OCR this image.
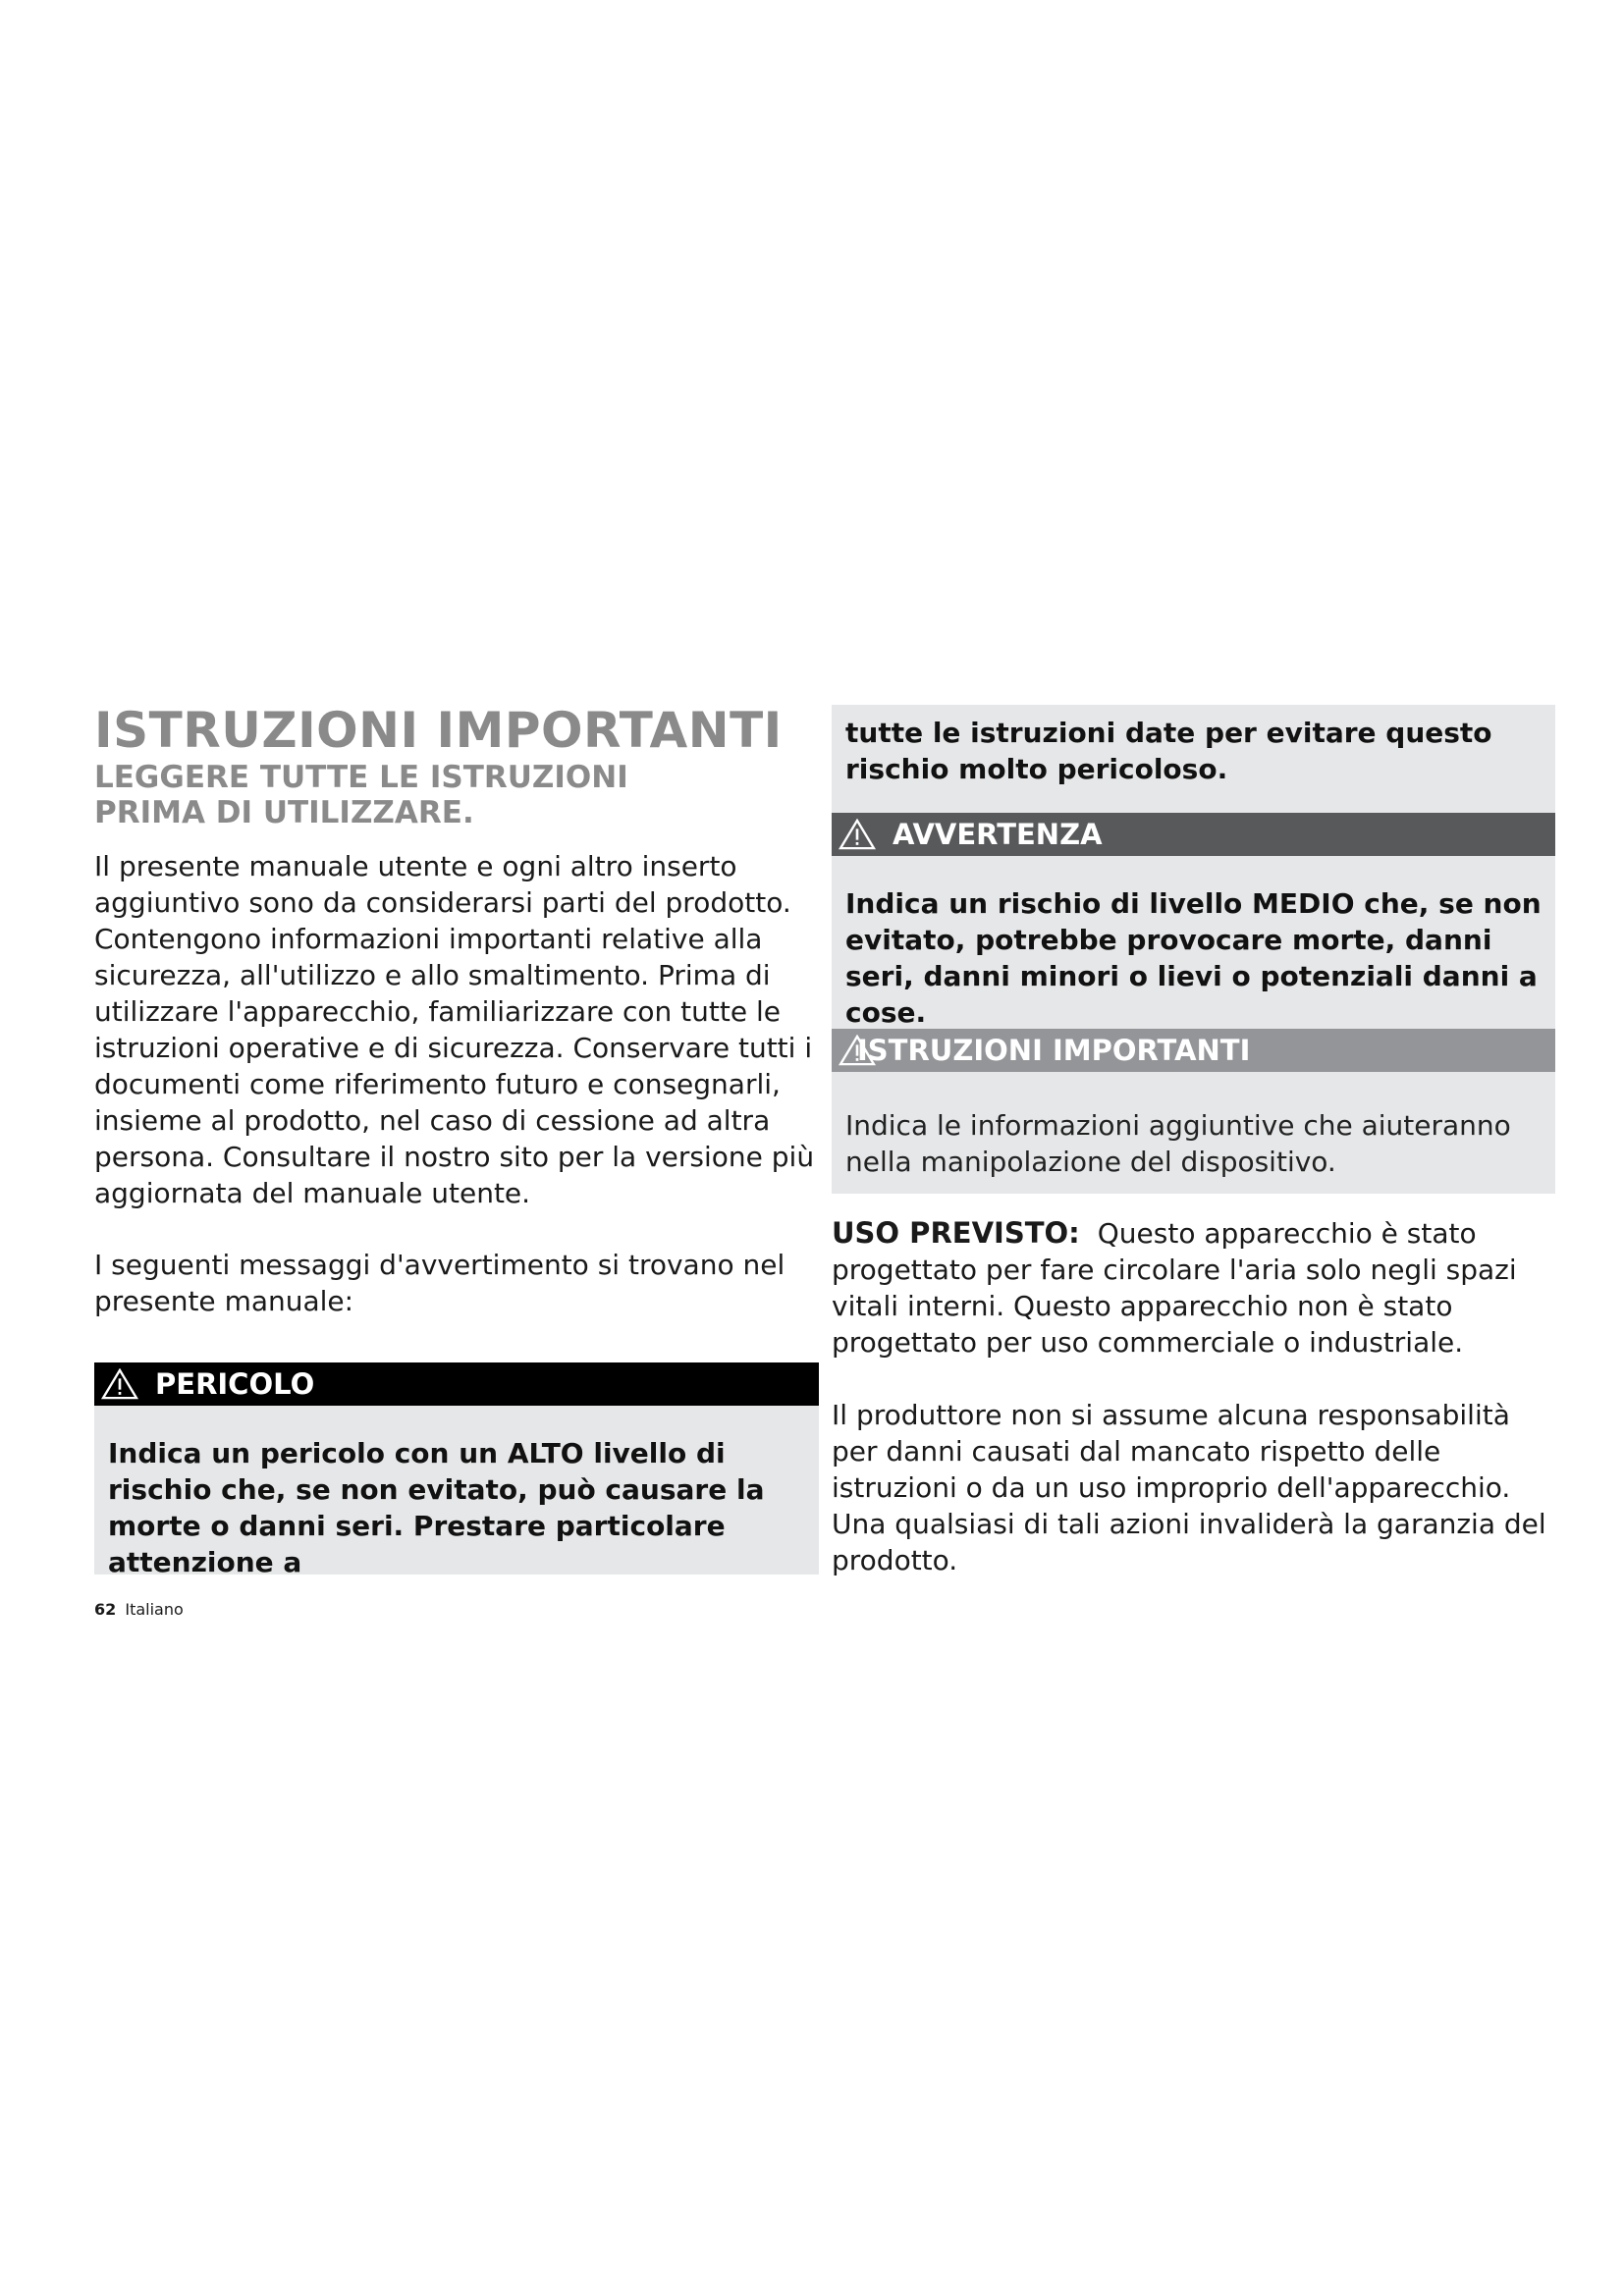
ISTRUZIONI IMPORTANTI
LEGGERE TUTTE LE ISTRUZIONI PRIMA DI UTILIZZARE.

Il presente manuale utente e ogni altro inserto aggiuntivo sono da considerarsi parti del prodotto. Contengono informazioni importanti relative alla sicurezza, all'utilizzo e allo smaltimento. Prima di utilizzare l'apparecchio, familiarizzare con tutte le istruzioni operative e di sicurezza. Conservare tutti i documenti come riferimento futuro e consegnarli, insieme al prodotto, nel caso di cessione ad altra persona. Consultare il nostro sito per la versione più aggiornata del manuale utente.

I seguenti messaggi d'avvertimento si trovano nel presente manuale:

PERICOLO
Indica un pericolo con un ALTO livello di rischio che, se non evitato, può causare la morte o danni seri. Prestare particolare attenzione a
tutte le istruzioni date per evitare questo rischio molto pericoloso.
AVVERTENZA
Indica un rischio di livello MEDIO che, se non evitato, potrebbe provocare morte, danni seri, danni minori o lievi o potenziali danni a cose.
ISTRUZIONI IMPORTANTI
Indica le informazioni aggiuntive che aiuteranno nella manipolazione del dispositivo.

USO PREVISTO: Questo apparecchio è stato progettato per fare circolare l'aria solo negli spazi vitali interni. Questo apparecchio non è stato progettato per uso commerciale o industriale.

Il produttore non si assume alcuna responsabilità per danni causati dal mancato rispetto delle istruzioni o da un uso improprio dell'apparecchio. Una qualsiasi di tali azioni invaliderà la garanzia del prodotto.

62 Italiano
